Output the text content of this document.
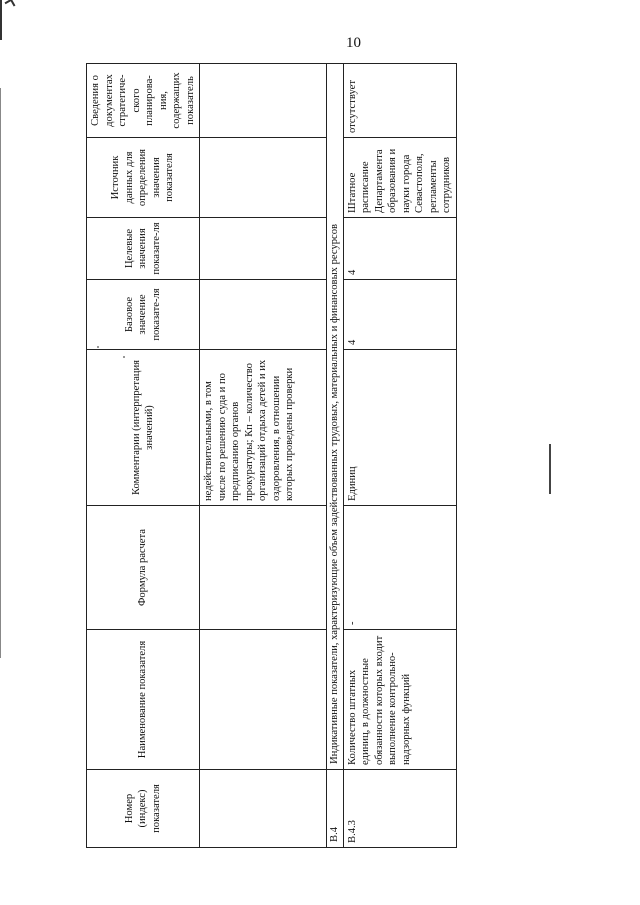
10
Номер (индекс) показателя	Наименование показателя	Формула расчета	Комментарии (интерпретация значений)	Базовое значение показате-ля	Целевые значения показате-ля	Источник данных для определения значения показателя	Сведения о документах стратегиче-ского планирова-ния, содержащих показатель
			недействительными, в том числе по решению суда и по предписанию органов прокуратуры; Кп – количество организаций отдыха детей и их оздоровления, в отношении которых проведены проверки				
В.4	Индикативные показатели, характеризующие объем задействованных трудовых, материальных и финансовых ресурсов						
В.4.3	Количество штатных единиц, в должностные обязанности которых входит выполнение контрольно-надзорных функций	-	Единиц	4	4	Штатное расписание Департамента образования и науки города Севастополя, регламенты сотрудников	отсутствует
